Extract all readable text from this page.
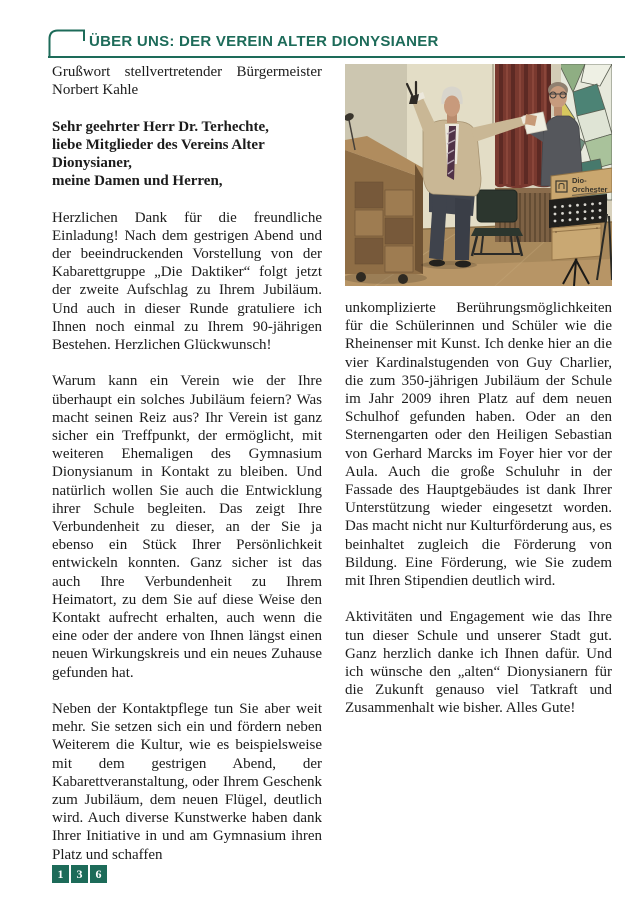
ÜBER UNS: DER VEREIN ALTER DIONYSIANER

Grußwort stellvertretender Bürgermeister Norbert Kahle

Sehr geehrter Herr Dr. Terhechte,

liebe Mitglieder des Vereins Alter Dionysianer,

meine Damen und Herren,

Herzlichen Dank für die freundliche Einladung! Nach dem gestrigen Abend und der beeindruckenden Vorstellung von der Kabarettgruppe „Die Daktiker“ folgt jetzt der zweite Aufschlag zu Ihrem Jubiläum. Und auch in dieser Runde gratuliere ich Ihnen noch einmal zu Ihrem 90-jährigen Bestehen. Herzlichen Glückwunsch!

Warum kann ein Verein wie der Ihre überhaupt ein solches Jubiläum feiern? Was macht seinen Reiz aus? Ihr Verein ist ganz sicher ein Treffpunkt, der ermöglicht, mit weiteren Ehemaligen des Gymnasium Dionysianum in Kontakt zu bleiben. Und natürlich wollen Sie auch die Entwicklung ihrer Schule begleiten. Das zeigt Ihre Verbundenheit zu dieser, an der Sie ja ebenso ein Stück Ihrer Persönlichkeit entwickeln konnten. Ganz sicher ist das auch Ihre Verbundenheit zu Ihrem Heimatort, zu dem Sie auf diese Weise den Kontakt aufrecht erhalten, auch wenn die eine oder der andere von Ihnen längst einen neuen Wirkungskreis und ein neues Zuhause gefunden hat.

Neben der Kontaktpflege tun Sie aber weit mehr. Sie setzen sich ein und fördern neben Weiterem die Kultur, wie es beispielsweise mit dem gestrigen Abend, der Kabarettveranstaltung, oder Ihrem Geschenk zum Jubiläum, dem neuen Flügel, deutlich wird. Auch diverse Kunstwerke haben dank Ihrer Initiative in und am Gymnasium ihren Platz und schaffen

Dio-
Orchester

unkomplizierte Berührungsmöglichkeiten für die Schülerinnen und Schüler wie die Rheinenser mit Kunst. Ich denke hier an die vier Kardinalstugenden von Guy Charlier, die zum 350-jährigen Jubiläum der Schule im Jahr 2009 ihren Platz auf dem neuen Schulhof gefunden haben. Oder an den Sternengarten oder den Heiligen Sebastian von Gerhard Marcks im Foyer hier vor der Aula. Auch die große Schuluhr in der Fassade des Hauptgebäudes ist dank Ihrer Unterstützung wieder eingesetzt worden. Das macht nicht nur Kulturförderung aus, es beinhaltet zugleich die Förderung von Bildung. Eine Förderung, wie Sie zudem mit Ihren Stipendien deutlich wird.

Aktivitäten und Engagement wie das Ihre tun dieser Schule und unserer Stadt gut. Ganz herzlich danke ich Ihnen dafür. Und ich wünsche den „alten“ Dionysianern für die Zukunft genauso viel Tatkraft und Zusammenhalt wie bisher. Alles Gute!

1	3	6
